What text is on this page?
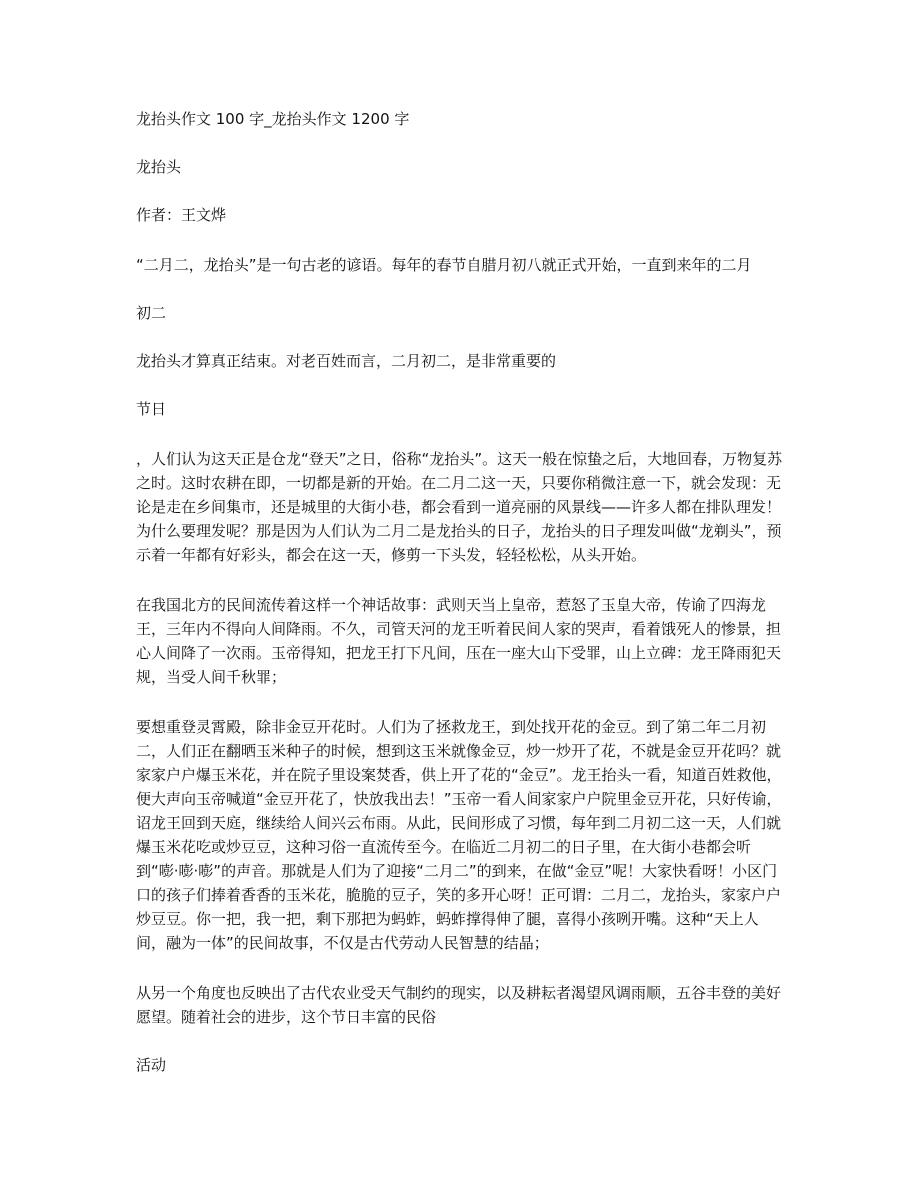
龙抬头作文 100 字_龙抬头作文 1200 字

龙抬头

作者：王文烨

“二月二，龙抬头”是一句古老的谚语。每年的春节自腊月初八就正式开始，一直到来年的二月

初二

龙抬头才算真正结束。对老百姓而言，二月初二，是非常重要的

节日

，人们认为这天正是仓龙“登天”之日，俗称“龙抬头”。这天一般在惊蛰之后，大地回春，万物复苏之时。这时农耕在即，一切都是新的开始。在二月二这一天，只要你稍微注意一下，就会发现：无论是走在乡间集市，还是城里的大街小巷，都会看到一道亮丽的风景线——许多人都在排队理发！为什么要理发呢？那是因为人们认为二月二是龙抬头的日子，龙抬头的日子理发叫做“龙剃头”，预示着一年都有好彩头，都会在这一天，修剪一下头发，轻轻松松，从头开始。

在我国北方的民间流传着这样一个神话故事：武则天当上皇帝，惹怒了玉皇大帝，传谕了四海龙王，三年内不得向人间降雨。不久，司管天河的龙王听着民间人家的哭声，看着饿死人的惨景，担心人间降了一次雨。玉帝得知，把龙王打下凡间，压在一座大山下受罪，山上立碑：龙王降雨犯天规，当受人间千秋罪；

要想重登灵霄殿，除非金豆开花时。人们为了拯救龙王，到处找开花的金豆。到了第二年二月初二，人们正在翻晒玉米种子的时候，想到这玉米就像金豆，炒一炒开了花，不就是金豆开花吗？就家家户户爆玉米花，并在院子里设案焚香，供上开了花的“金豆”。龙王抬头一看，知道百姓救他，便大声向玉帝喊道“金豆开花了，快放我出去！”玉帝一看人间家家户户院里金豆开花，只好传谕，诏龙王回到天庭，继续给人间兴云布雨。从此，民间形成了习惯，每年到二月初二这一天，人们就爆玉米花吃或炒豆豆，这种习俗一直流传至今。在临近二月初二的日子里，在大街小巷都会听到“嘭·嘭·嘭”的声音。那就是人们为了迎接“二月二”的到来，在做“金豆”呢！大家快看呀！小区门口的孩子们捧着香香的玉米花，脆脆的豆子，笑的多开心呀！正可谓：二月二，龙抬头，家家户户炒豆豆。你一把，我一把，剩下那把为蚂蚱，蚂蚱撑得伸了腿，喜得小孩咧开嘴。这种“天上人间，融为一体”的民间故事，不仅是古代劳动人民智慧的结晶；

从另一个角度也反映出了古代农业受天气制约的现实，以及耕耘者渴望风调雨顺，五谷丰登的美好愿望。随着社会的进步，这个节日丰富的民俗

活动
